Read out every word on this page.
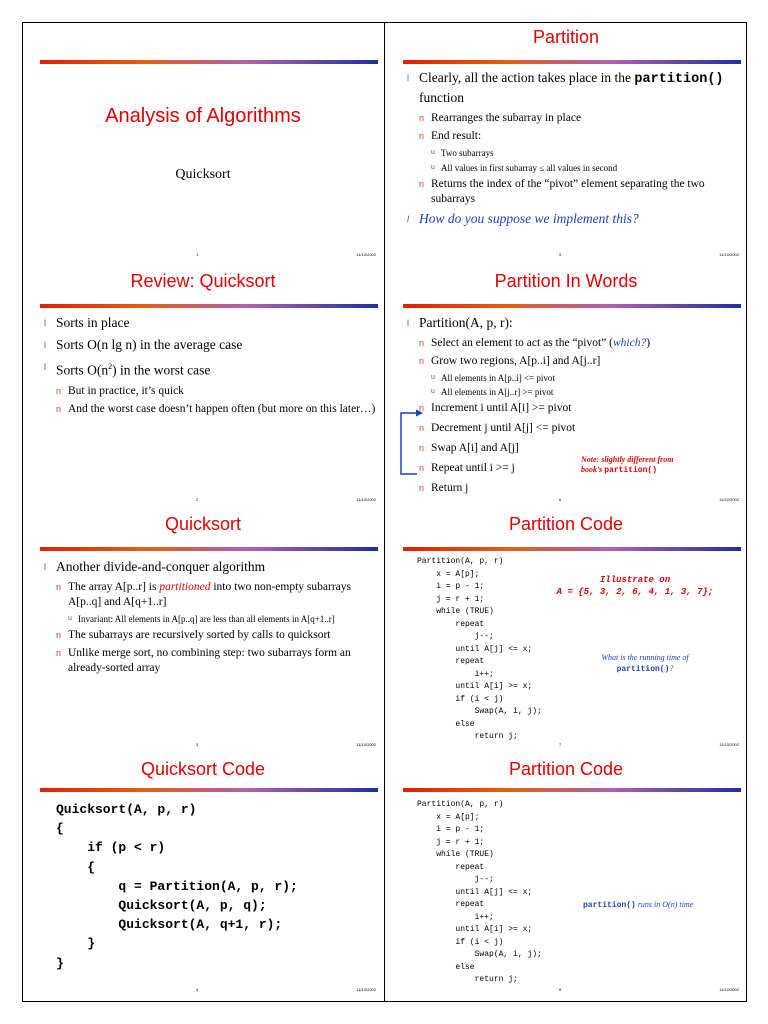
Analysis of Algorithms
Quicksort
1	11/10/2002
Partition
l Clearly, all the action takes place in the partition() function
n Rearranges the subarray in place
n End result:
u Two subarrays
u All values in first subarray ≤ all values in second
n Returns the index of the “pivot” element separating the two subarrays
l How do you suppose we implement this?
5	11/10/2002
Review: Quicksort
l Sorts in place
l Sorts O(n lg n) in the average case
l Sorts $O(n^2)$ in the worst case
n But in practice, it’s quick
n And the worst case doesn’t happen often (but more on this later…)
2	11/10/2002
Partition In Words
l Partition(A, p, r):
n Select an element to act as the “pivot” (which?)
n Grow two regions, A[p..i] and A[j..r]
u All elements in A[p..i] <= pivot
u All elements in A[j..r] >= pivot
n Increment i until A[i] >= pivot
n Decrement j until A[j] <= pivot
n Swap A[i] and A[j]
n Repeat until i >= j
n Return j
Note: slightly different from
book’s partition()
6	11/10/2002
Quicksort
l Another divide-and-conquer algorithm
n The array A[p..r] is partitioned into two non-empty subarrays A[p..q] and A[q+1..r]
u Invariant: All elements in A[p..q] are less than all elements in A[q+1..r]
n The subarrays are recursively sorted by calls to quicksort
n Unlike merge sort, no combining step: two subarrays form an already-sorted array
3	11/10/2002
Partition Code
Partition(A, p, r)
x = A[p];
i = p - 1;
j = r + 1;
while (TRUE)
repeat
j--;
until A[j] <= x;
repeat
i++;
until A[i] >= x;
if (i < j)
Swap(A, i, j);
else
return j;
Illustrate on
A = {5, 3, 2, 6, 4, 1, 3, 7};
What is the running time of
partition()?
7	11/10/2002
Quicksort Code
Quicksort(A, p, r)
{
if (p < r)
{
q = Partition(A, p, r);
Quicksort(A, p, q);
Quicksort(A, q+1, r);
}
}
4	11/10/2002
Partition Code
Partition(A, p, r)
x = A[p];
i = p - 1;
j = r + 1;
while (TRUE)
repeat
j--;
until A[j] <= x;
repeat
i++;
until A[i] >= x;
if (i < j)
Swap(A, i, j);
else
return j;
partition() runs in O(n) time
8	11/10/2002
